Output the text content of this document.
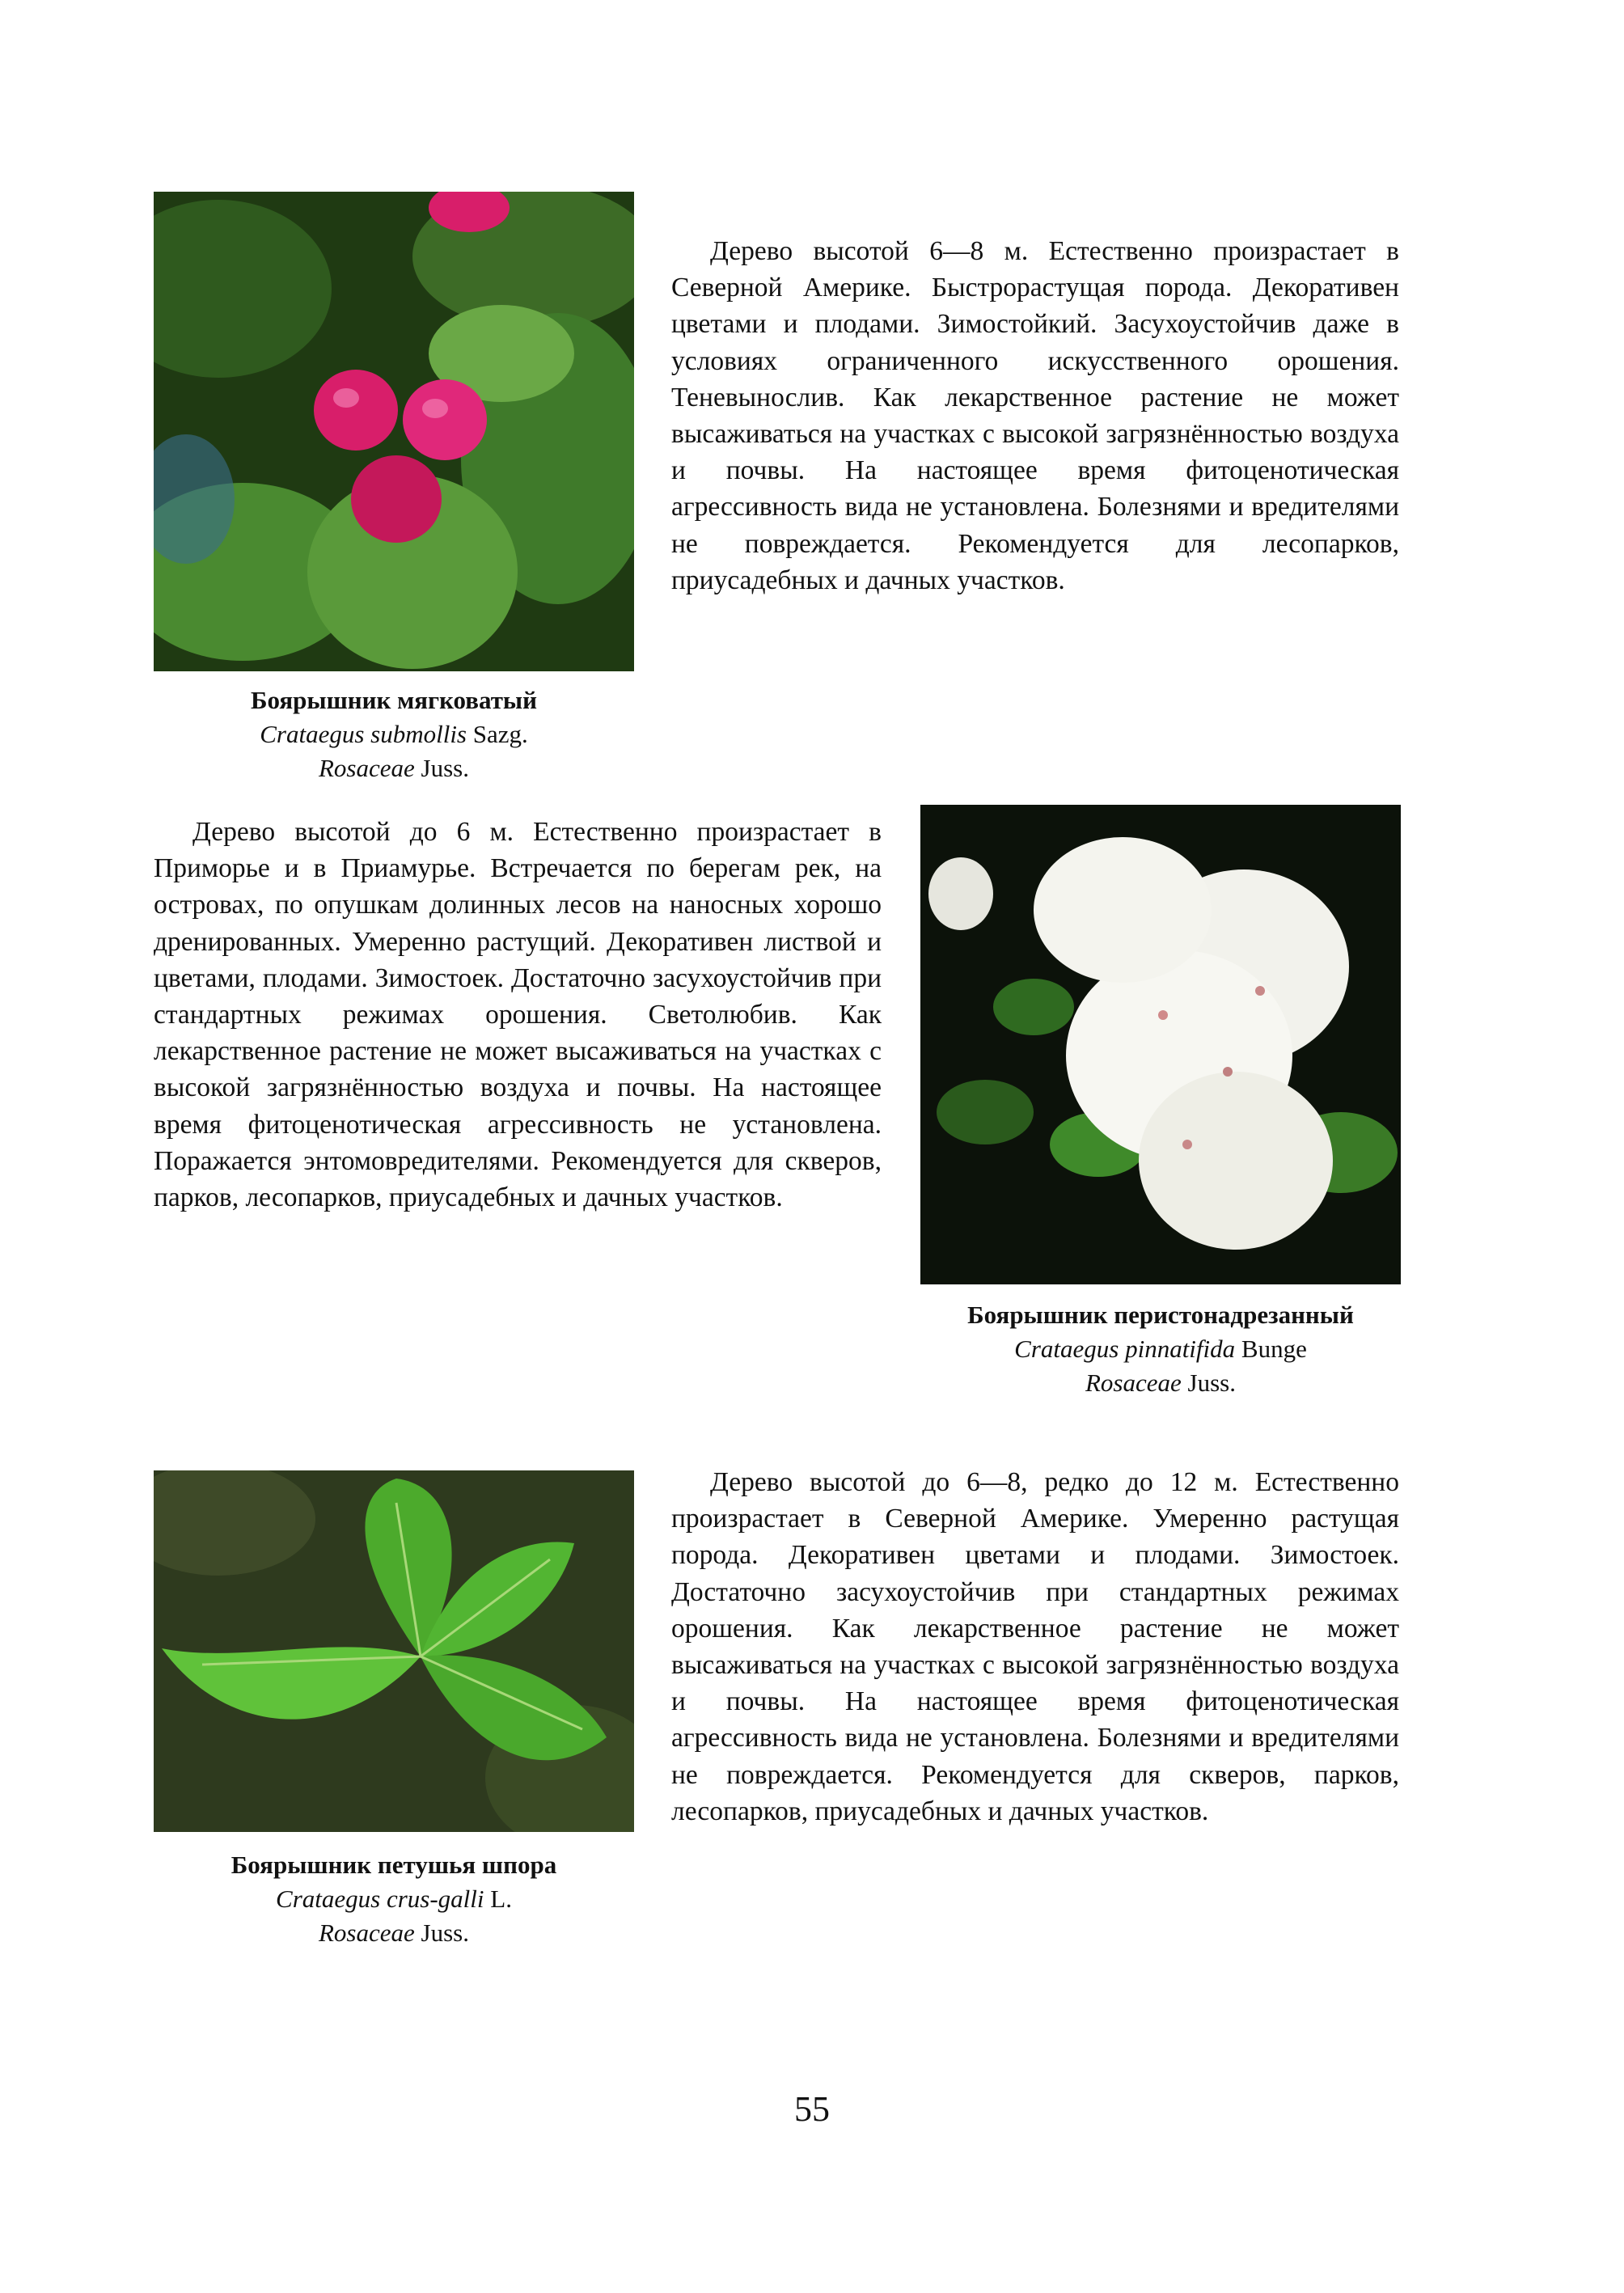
Дерево высотой 6—8 м. Естественно произрастает в Северной Америке. Быстрорастущая порода. Декоративен цветами и плодами. Зимостойкий. Засухоустойчив даже в условиях ограниченного искусственного орошения. Теневынослив. Как лекарственное растение не может высаживаться на участках с высокой загрязнённостью воздуха и почвы. На настоящее время фитоценотическая агрессивность вида не установлена. Болезнями и вредителями не повреждается. Рекомендуется для лесопарков, приусадебных и дачных участков.

Боярышник мягковатый
Crataegus submollis Sazg.
Rosaceae Juss.

Дерево высотой до 6 м. Естественно произрастает в Приморье и в Приамурье. Встречается по берегам рек, на островах, по опушкам долинных лесов на наносных хорошо дренированных. Умеренно растущий. Декоративен листвой и цветами, плодами. Зимостоек. Достаточно засухоустойчив при стандартных режимах орошения. Светолюбив. Как лекарственное растение не может высаживаться на участках с высокой загрязнённостью воздуха и почвы. На настоящее время фитоценотическая агрессивность не установлена. Поражается энтомовредителями. Рекомендуется для скверов, парков, лесопарков, приусадебных и дачных участков.

Боярышник перистонадрезанный
Crataegus pinnatifida Bunge
Rosaceae Juss.

Дерево высотой до 6—8, редко до 12 м. Естественно произрастает в Северной Америке. Умеренно растущая порода. Декоративен цветами и плодами. Зимостоек. Достаточно засухоустойчив при стандартных режимах орошения. Как лекарственное растение не может высаживаться на участках с высокой загрязнённостью воздуха и почвы. На настоящее время фитоценотическая агрессивность вида не установлена. Болезнями и вредителями не повреждается. Рекомендуется для скверов, парков, лесопарков, приусадебных и дачных участков.

Боярышник петушья шпора
Crataegus crus-galli L.
Rosaceae Juss.
55
